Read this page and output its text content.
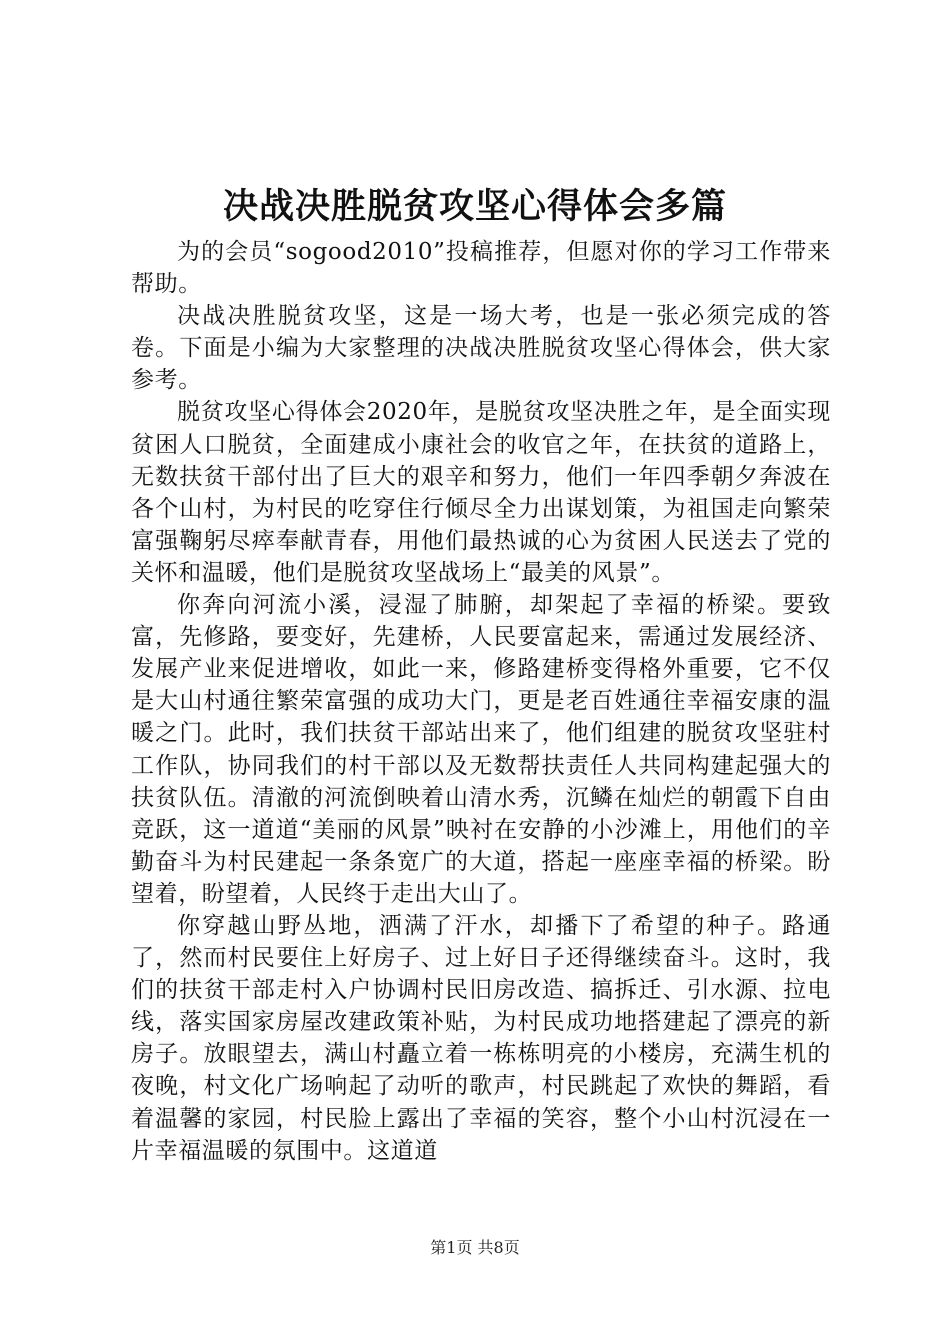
决战决胜脱贫攻坚心得体会多篇

为的会员“sogood2010”投稿推荐，但愿对你的学习工作带来帮助。

决战决胜脱贫攻坚，这是一场大考，也是一张必须完成的答卷。下面是小编为大家整理的决战决胜脱贫攻坚心得体会，供大家参考。

脱贫攻坚心得体会2020年，是脱贫攻坚决胜之年，是全面实现贫困人口脱贫，全面建成小康社会的收官之年，在扶贫的道路上，无数扶贫干部付出了巨大的艰辛和努力，他们一年四季朝夕奔波在各个山村，为村民的吃穿住行倾尽全力出谋划策，为祖国走向繁荣富强鞠躬尽瘁奉献青春，用他们最热诚的心为贫困人民送去了党的关怀和温暖，他们是脱贫攻坚战场上“最美的风景”。

你奔向河流小溪，浸湿了肺腑，却架起了幸福的桥梁。要致富，先修路，要变好，先建桥，人民要富起来，需通过发展经济、发展产业来促进增收，如此一来，修路建桥变得格外重要，它不仅是大山村通往繁荣富强的成功大门，更是老百姓通往幸福安康的温暖之门。此时，我们扶贫干部站出来了，他们组建的脱贫攻坚驻村工作队，协同我们的村干部以及无数帮扶责任人共同构建起强大的扶贫队伍。清澈的河流倒映着山清水秀，沉鳞在灿烂的朝霞下自由竞跃，这一道道“美丽的风景”映衬在安静的小沙滩上，用他们的辛勤奋斗为村民建起一条条宽广的大道，搭起一座座幸福的桥梁。盼望着，盼望着，人民终于走出大山了。

你穿越山野丛地，洒满了汗水，却播下了希望的种子。路通了，然而村民要住上好房子、过上好日子还得继续奋斗。这时，我们的扶贫干部走村入户协调村民旧房改造、搞拆迁、引水源、拉电线，落实国家房屋改建政策补贴，为村民成功地搭建起了漂亮的新房子。放眼望去，满山村矗立着一栋栋明亮的小楼房，充满生机的夜晚，村文化广场响起了动听的歌声，村民跳起了欢快的舞蹈，看着温馨的家园，村民脸上露出了幸福的笑容，整个小山村沉浸在一片幸福温暖的氛围中。这道道

第1页 共8页
